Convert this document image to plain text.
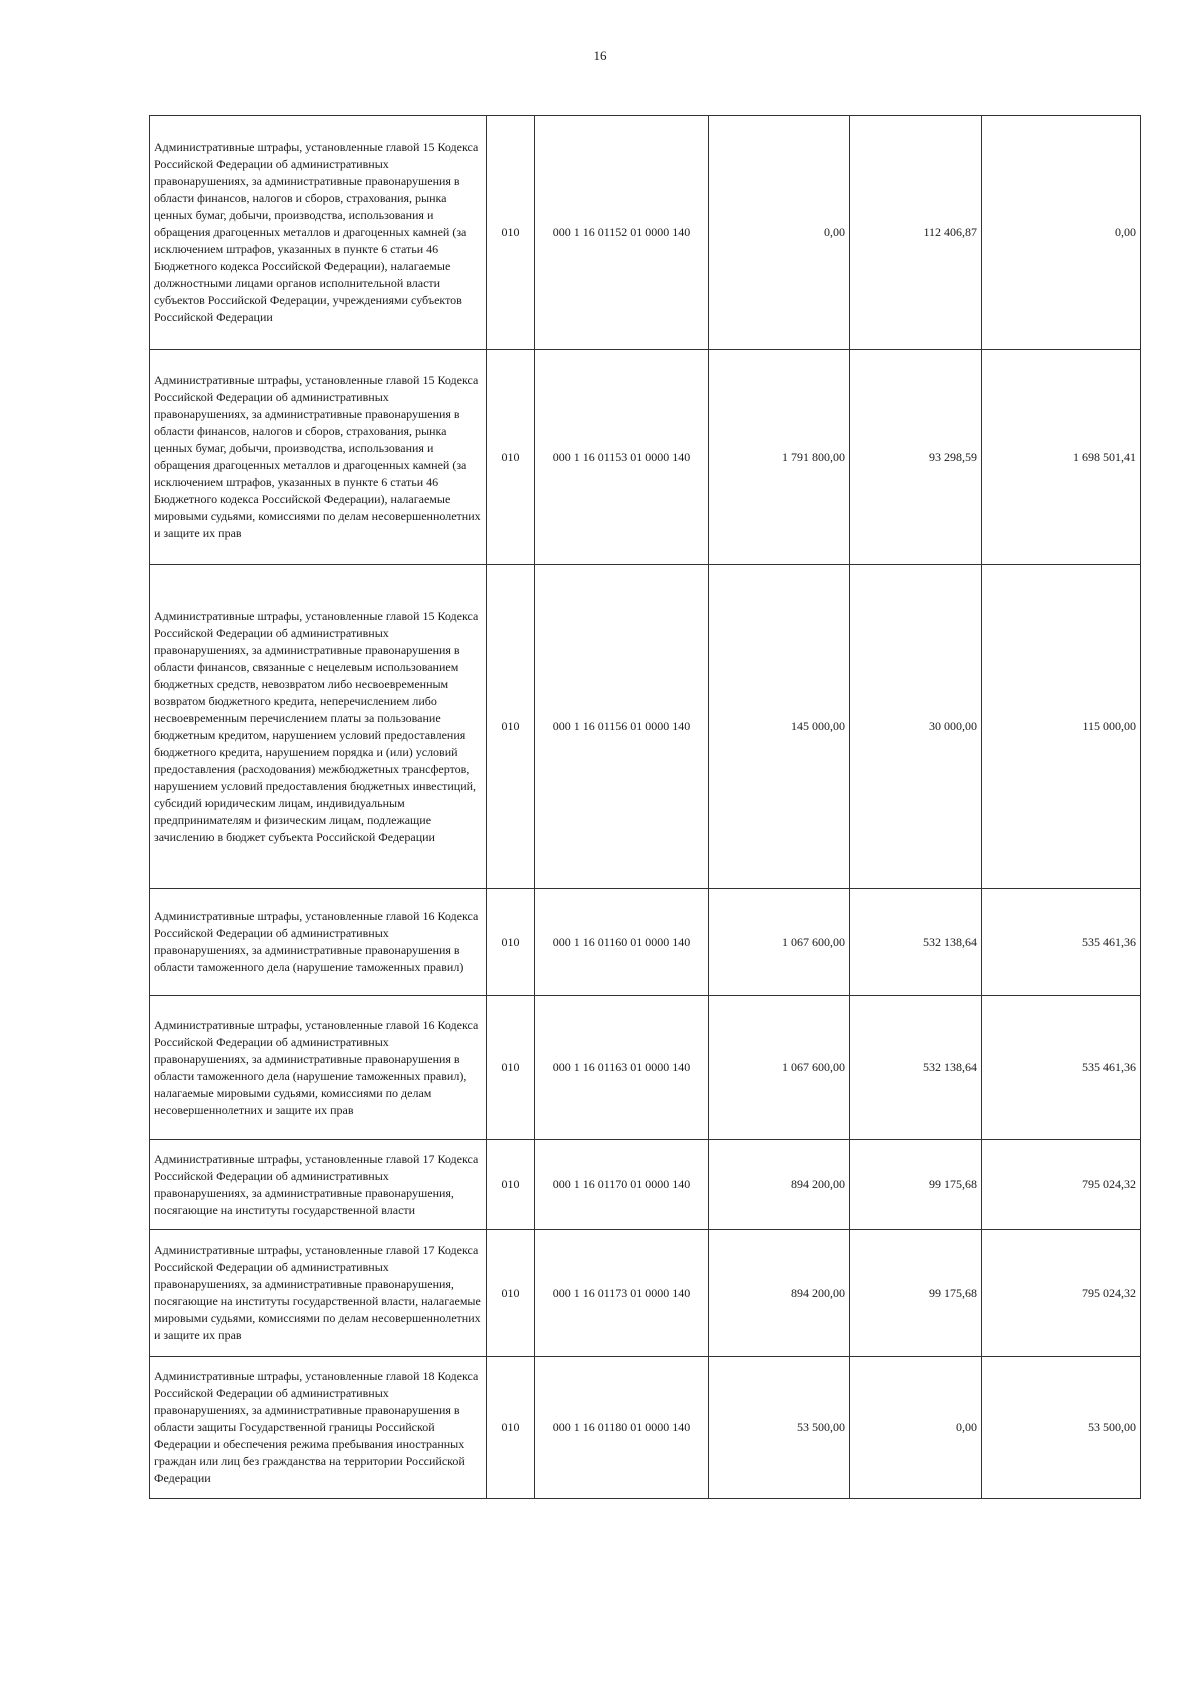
16
Административные штрафы, установленные главой 15 Кодекса Российской Федерации об административных правонарушениях, за административные правонарушения в области финансов, налогов и сборов, страхования, рынка ценных бумаг, добычи, производства, использования и обращения драгоценных металлов и драгоценных камней (за исключением штрафов, указанных в пункте 6 статьи 46 Бюджетного кодекса Российской Федерации), налагаемые должностными лицами органов исполнительной власти субъектов Российской Федерации, учреждениями субъектов Российской Федерации	010	000 1 16 01152 01 0000 140	0,00	112 406,87	0,00
Административные штрафы, установленные главой 15 Кодекса Российской Федерации об административных правонарушениях, за административные правонарушения в области финансов, налогов и сборов, страхования, рынка ценных бумаг, добычи, производства, использования и обращения драгоценных металлов и драгоценных камней (за исключением штрафов, указанных в пункте 6 статьи 46 Бюджетного кодекса Российской Федерации), налагаемые мировыми судьями, комиссиями по делам несовершеннолетних и защите их прав	010	000 1 16 01153 01 0000 140	1 791 800,00	93 298,59	1 698 501,41
Административные штрафы, установленные главой 15 Кодекса Российской Федерации об административных правонарушениях, за административные правонарушения в области финансов, связанные с нецелевым использованием бюджетных средств, невозвратом либо несвоевременным возвратом бюджетного кредита, неперечислением либо несвоевременным перечислением платы за пользование бюджетным кредитом, нарушением условий предоставления бюджетного кредита, нарушением порядка и (или) условий предоставления (расходования) межбюджетных трансфертов, нарушением условий предоставления бюджетных инвестиций, субсидий юридическим лицам, индивидуальным предпринимателям и физическим лицам, подлежащие зачислению в бюджет субъекта Российской Федерации	010	000 1 16 01156 01 0000 140	145 000,00	30 000,00	115 000,00
Административные штрафы, установленные главой 16 Кодекса Российской Федерации об административных правонарушениях, за административные правонарушения в области таможенного дела (нарушение таможенных правил)	010	000 1 16 01160 01 0000 140	1 067 600,00	532 138,64	535 461,36
Административные штрафы, установленные главой 16 Кодекса Российской Федерации об административных правонарушениях, за административные правонарушения в области таможенного дела (нарушение таможенных правил), налагаемые мировыми судьями, комиссиями по делам несовершеннолетних и защите их прав	010	000 1 16 01163 01 0000 140	1 067 600,00	532 138,64	535 461,36
Административные штрафы, установленные главой 17 Кодекса Российской Федерации об административных правонарушениях, за административные правонарушения, посягающие на институты государственной власти	010	000 1 16 01170 01 0000 140	894 200,00	99 175,68	795 024,32
Административные штрафы, установленные главой 17 Кодекса Российской Федерации об административных правонарушениях, за административные правонарушения, посягающие на институты государственной власти, налагаемые мировыми судьями, комиссиями по делам несовершеннолетних и защите их прав	010	000 1 16 01173 01 0000 140	894 200,00	99 175,68	795 024,32
Административные штрафы, установленные главой 18 Кодекса Российской Федерации об административных правонарушениях, за административные правонарушения в области защиты Государственной границы Российской Федерации и обеспечения режима пребывания иностранных граждан или лиц без гражданства на территории Российской Федерации	010	000 1 16 01180 01 0000 140	53 500,00	0,00	53 500,00
